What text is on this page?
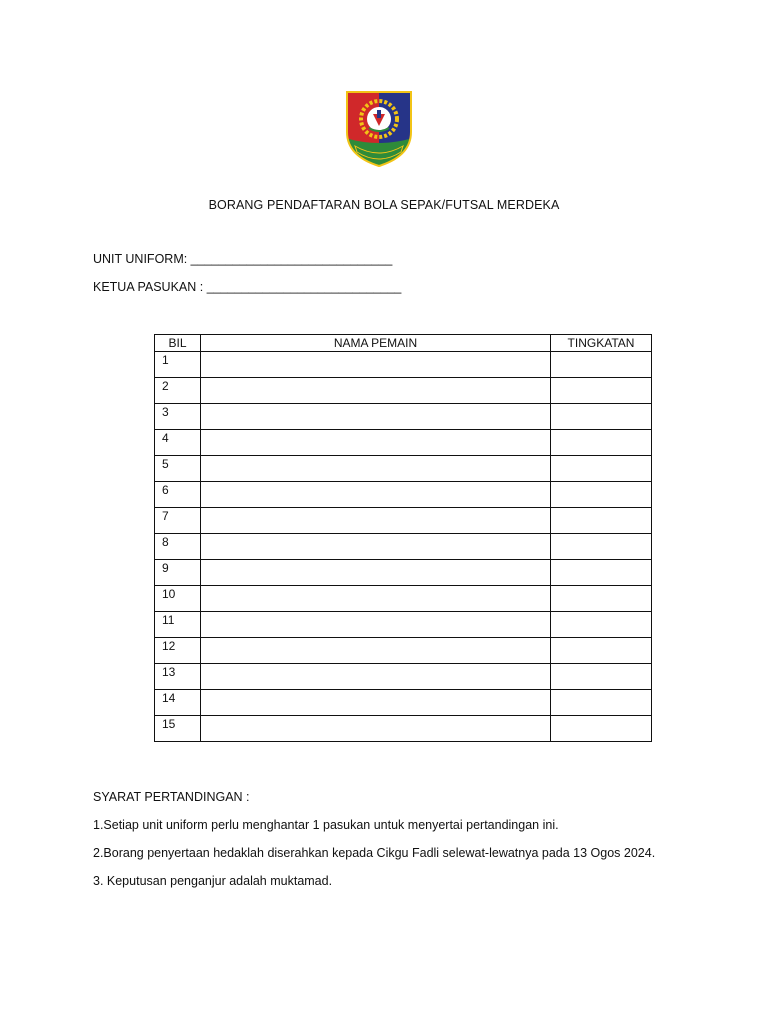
BORANG PENDAFTARAN BOLA SEPAK/FUTSAL MERDEKA
UNIT UNIFORM: _____________________________
KETUA PASUKAN : ____________________________
BIL	NAMA PEMAIN	TINGKATAN
1		
2		
3		
4		
5		
6		
7		
8		
9		
10		
11		
12		
13		
14		
15		
SYARAT PERTANDINGAN :
1.Setiap unit uniform perlu menghantar 1 pasukan untuk menyertai pertandingan ini.
2.Borang penyertaan hedaklah diserahkan kepada Cikgu Fadli selewat-lewatnya pada 13 Ogos 2024.
3. Keputusan penganjur adalah muktamad.
